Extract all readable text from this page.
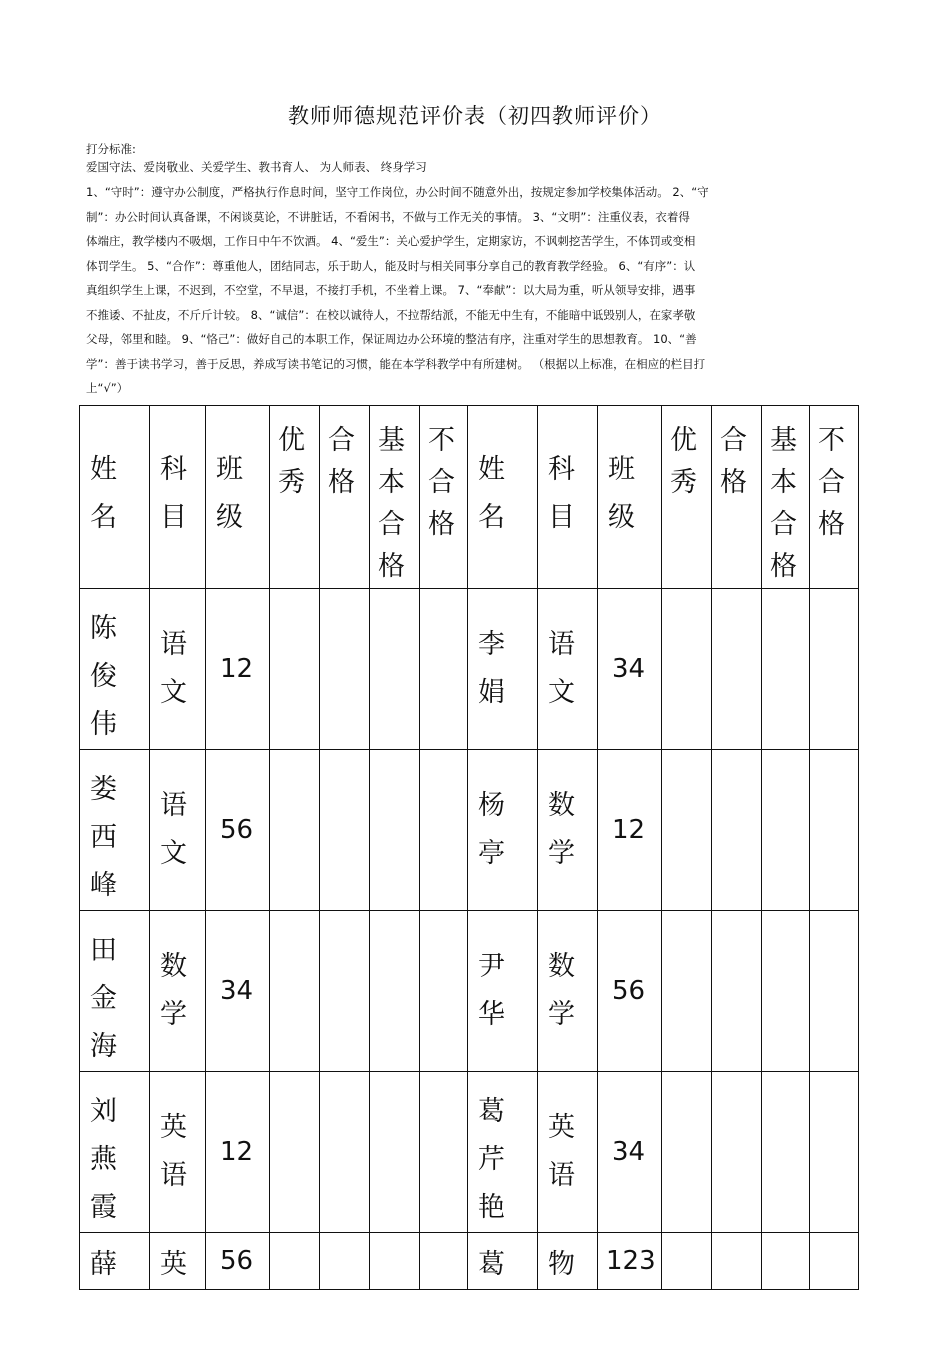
教师师德规范评价表（初四教师评价）
打分标准:
爱国守法、爱岗敬业、关爱学生、教书育人、 为人师表、 终身学习
1、“守时”：遵守办公制度，严格执行作息时间，坚守工作岗位，办公时间不随意外出，按规定参加学校集体活动。 2、“守
制”：办公时间认真备课，不闲谈莫论，不讲脏话，不看闲书，不做与工作无关的事情。 3、“文明”：注重仪表，衣着得
体端庄，教学楼内不吸烟，工作日中午不饮酒。 4、“爱生”：关心爱护学生，定期家访，不讽刺挖苦学生，不体罚或变相
体罚学生。 5、“合作”：尊重他人，团结同志，乐于助人，能及时与相关同事分享自己的教育教学经验。 6、“有序”：认
真组织学生上课，不迟到，不空堂，不早退，不接打手机，不坐着上课。 7、“奉献”：以大局为重，听从领导安排，遇事
不推诿、不扯皮，不斤斤计较。 8、“诚信”：在校以诚待人，不拉帮结派，不能无中生有，不能暗中诋毁别人，在家孝敬
父母，邻里和睦。 9、“恪己”：做好自己的本职工作，保证周边办公环境的整洁有序，注重对学生的思想教育。 10、“善
学”：善于读书学习，善于反思，养成写读书笔记的习惯，能在本学科教学中有所建树。 （根据以上标准，在相应的栏目打
上“√”）
姓名	科目	班级	优秀	合格	基本合格	不合格	姓名	科目	班级	优秀	合格	基本合格	不合格

陈俊伟	语文	12					李娟	语文	34				

娄西峰	语文	56					杨亭	数学	12				

田金海	数学	34					尹华	数学	56				

刘燕霞	英语	12					葛芹艳	英语	34				

薛	英	56					葛	物	123				
